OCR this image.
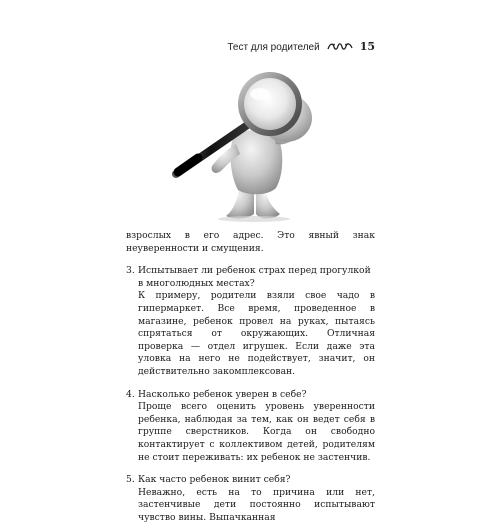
Тест для родителей	15

взрослых в его адрес. Это явный знак неуверенности и смущения.

3. Испытывает ли ребенок страх перед прогулкой в многолюдных местах?

К примеру, родители взяли свое чадо в гипермаркет. Все время, проведенное в магазине, ребенок провел на руках, пытаясь спрятаться от окружающих. Отличная проверка — отдел игрушек. Если даже эта уловка на него не подействует, значит, он действительно закомплексован.

4. Насколько ребенок уверен в себе?

Проще всего оценить уровень уверенности ребенка, наблюдая за тем, как он ведет себя в группе сверстников. Когда он свободно контактирует с коллективом детей, родителям не стоит переживать: их ребенок не застенчив.

5. Как часто ребенок винит себя?

Неважно, есть на то причина или нет, застенчивые дети постоянно испытывают чувство вины. Выпачканная
